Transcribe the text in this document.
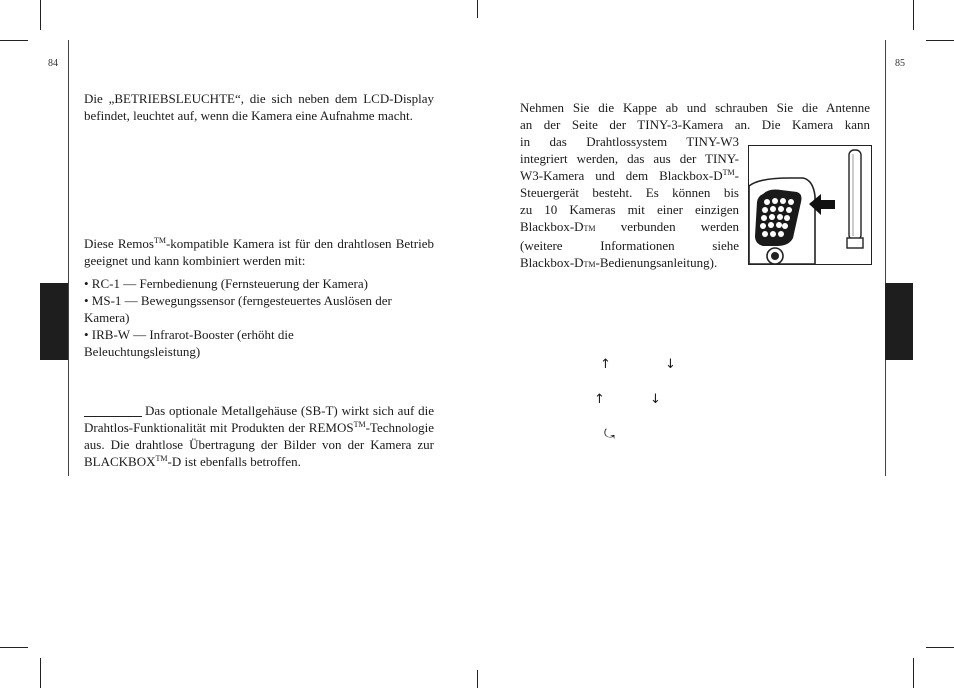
84	85
Die „BETRIEBSLEUCHTE“, die sich neben dem LCD-Display befindet, leuchtet auf, wenn die Kamera eine Aufnahme macht.
Diese Remos™-kompatible Kamera ist für den drahtlosen Betrieb geeignet und kann kombiniert werden mit:
• RC-1 — Fernbedienung (Fernsteuerung der Kamera)
• MS-1 — Bewegungssensor (ferngesteuertes Auslösen der Kamera)
• IRB-W — Infrarot-Booster (erhöht die Beleuchtungsleistung)
Das optionale Metallgehäuse (SB-T) wirkt sich auf die Drahtlos-Funktionalität mit Produkten der REMOS™-Technologie aus. Die drahtlose Übertragung der Bilder von der Kamera zur BLACKBOX™-D ist ebenfalls betroffen.
Nehmen Sie die Kappe ab und schrauben Sie die Antenne
an der Seite der TINY-3-Kamera an. Die Kamera kann
in das Drahtlossystem TINY-W3
integriert werden, das aus der TINY-
W3-Kamera und dem Blackbox-D™-
Steuergerät besteht. Es können bis
zu 10 Kameras mit einer einzigen
Blackbox-DTM verbunden werden
(weitere Informationen siehe
Blackbox-DTM-Bedienungsanleitung).
↑	↓
↑	↓
⤿
